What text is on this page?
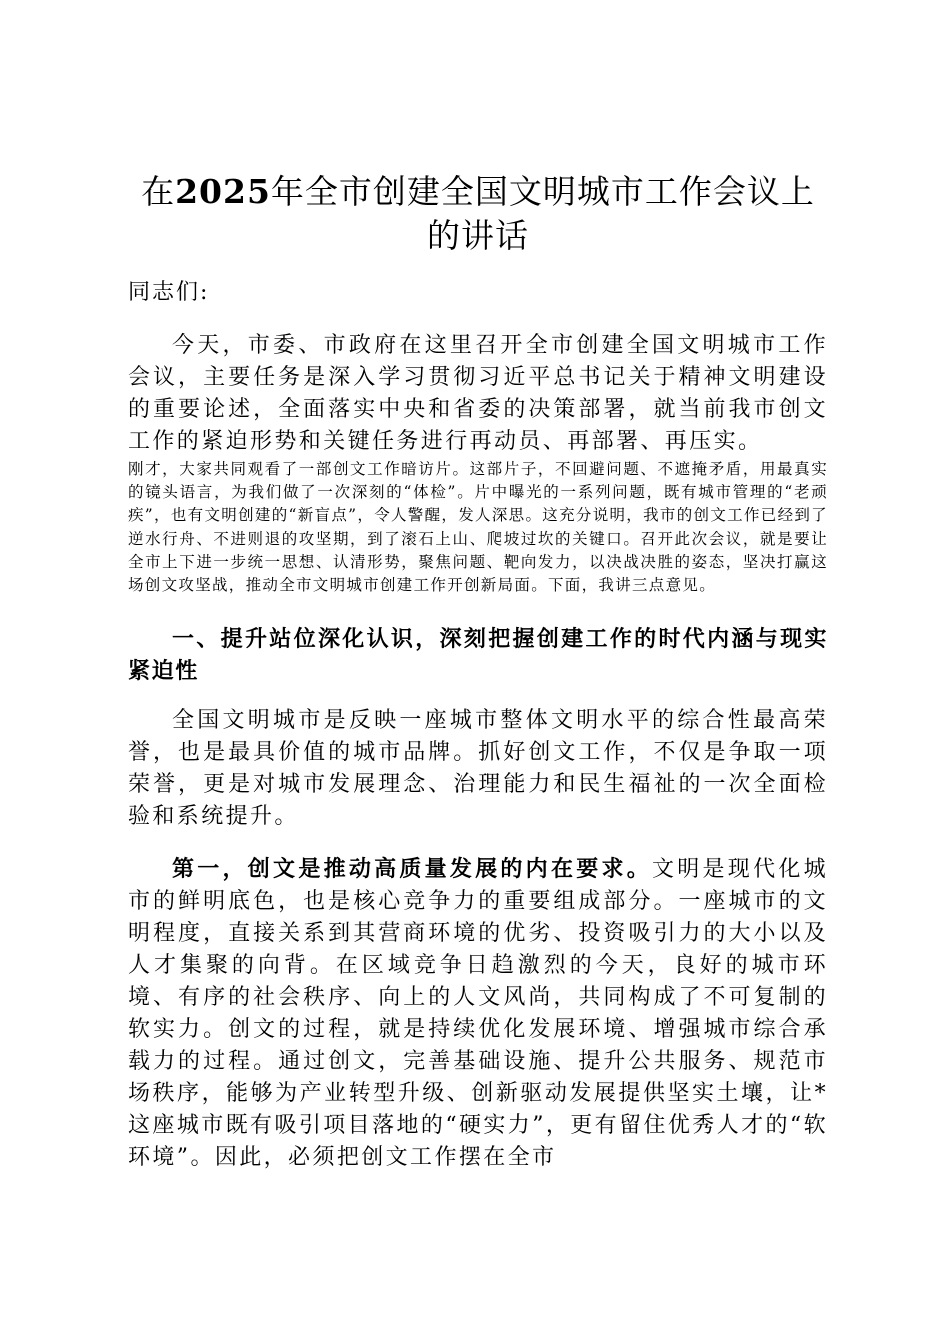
在2025年全市创建全国文明城市工作会议上的讲话
同志们:

今天，市委、市政府在这里召开全市创建全国文明城市工作会议，主要任务是深入学习贯彻习近平总书记关于精神文明建设的重要论述，全面落实中央和省委的决策部署，就当前我市创文工作的紧迫形势和关键任务进行再动员、再部署、再压实。

刚才，大家共同观看了一部创文工作暗访片。这部片子，不回避问题、不遮掩矛盾，用最真实的镜头语言，为我们做了一次深刻的“体检”。片中曝光的一系列问题，既有城市管理的“老顽疾”，也有文明创建的“新盲点”，令人警醒，发人深思。这充分说明，我市的创文工作已经到了逆水行舟、不进则退的攻坚期，到了滚石上山、爬坡过坎的关键口。召开此次会议，就是要让全市上下进一步统一思想、认清形势，聚焦问题、靶向发力，以决战决胜的姿态，坚决打赢这场创文攻坚战，推动全市文明城市创建工作开创新局面。下面，我讲三点意见。

一、提升站位深化认识，深刻把握创建工作的时代内涵与现实紧迫性

全国文明城市是反映一座城市整体文明水平的综合性最高荣誉，也是最具价值的城市品牌。抓好创文工作，不仅是争取一项荣誉，更是对城市发展理念、治理能力和民生福祉的一次全面检验和系统提升。

第一，创文是推动高质量发展的内在要求。文明是现代化城市的鲜明底色，也是核心竞争力的重要组成部分。一座城市的文明程度，直接关系到其营商环境的优劣、投资吸引力的大小以及人才集聚的向背。在区域竞争日趋激烈的今天，良好的城市环境、有序的社会秩序、向上的人文风尚，共同构成了不可复制的软实力。创文的过程，就是持续优化发展环境、增强城市综合承载力的过程。通过创文，完善基础设施、提升公共服务、规范市场秩序，能够为产业转型升级、创新驱动发展提供坚实土壤，让*这座城市既有吸引项目落地的“硬实力”，更有留住优秀人才的“软环境”。因此，必须把创文工作摆在全市
